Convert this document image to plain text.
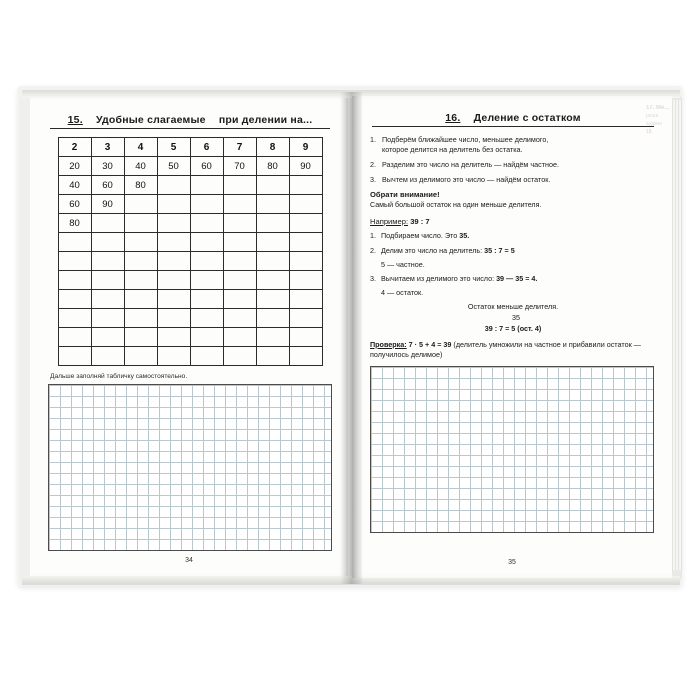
15. Удобные слагаемые при делении на...
2	3	4	5	6	7	8	9
20	30	40	50	60	70	80	90
40	60	80					
60	90						
80							

Дальше заполняй табличку самостоятельно.
34
16. Деление с остатком
1. Подберём ближайшее число, меньшее делимого,
которое делится на делитель без остатка.
2. Разделим это число на делитель — найдём частное.
3. Вычтем из делимого это число — найдём остаток.
Обрати внимание!
Самый большой остаток на один меньше делителя.
Например: 39 : 7
1. Подбираем число. Это 35.
2. Делим это число на делитель: 35 : 7 = 5
5 — частное.
3. Вычитаем из делимого это число: 39 — 35 = 4.
4 — остаток.
Остаток меньше делителя.
35
39 : 7 = 5 (ост. 4)
Проверка: 7 · 5 + 4 = 39 (делитель умножили на частное и прибавили остаток — получилось делимое)
35
17. Ме...
реши
задачи
18.
